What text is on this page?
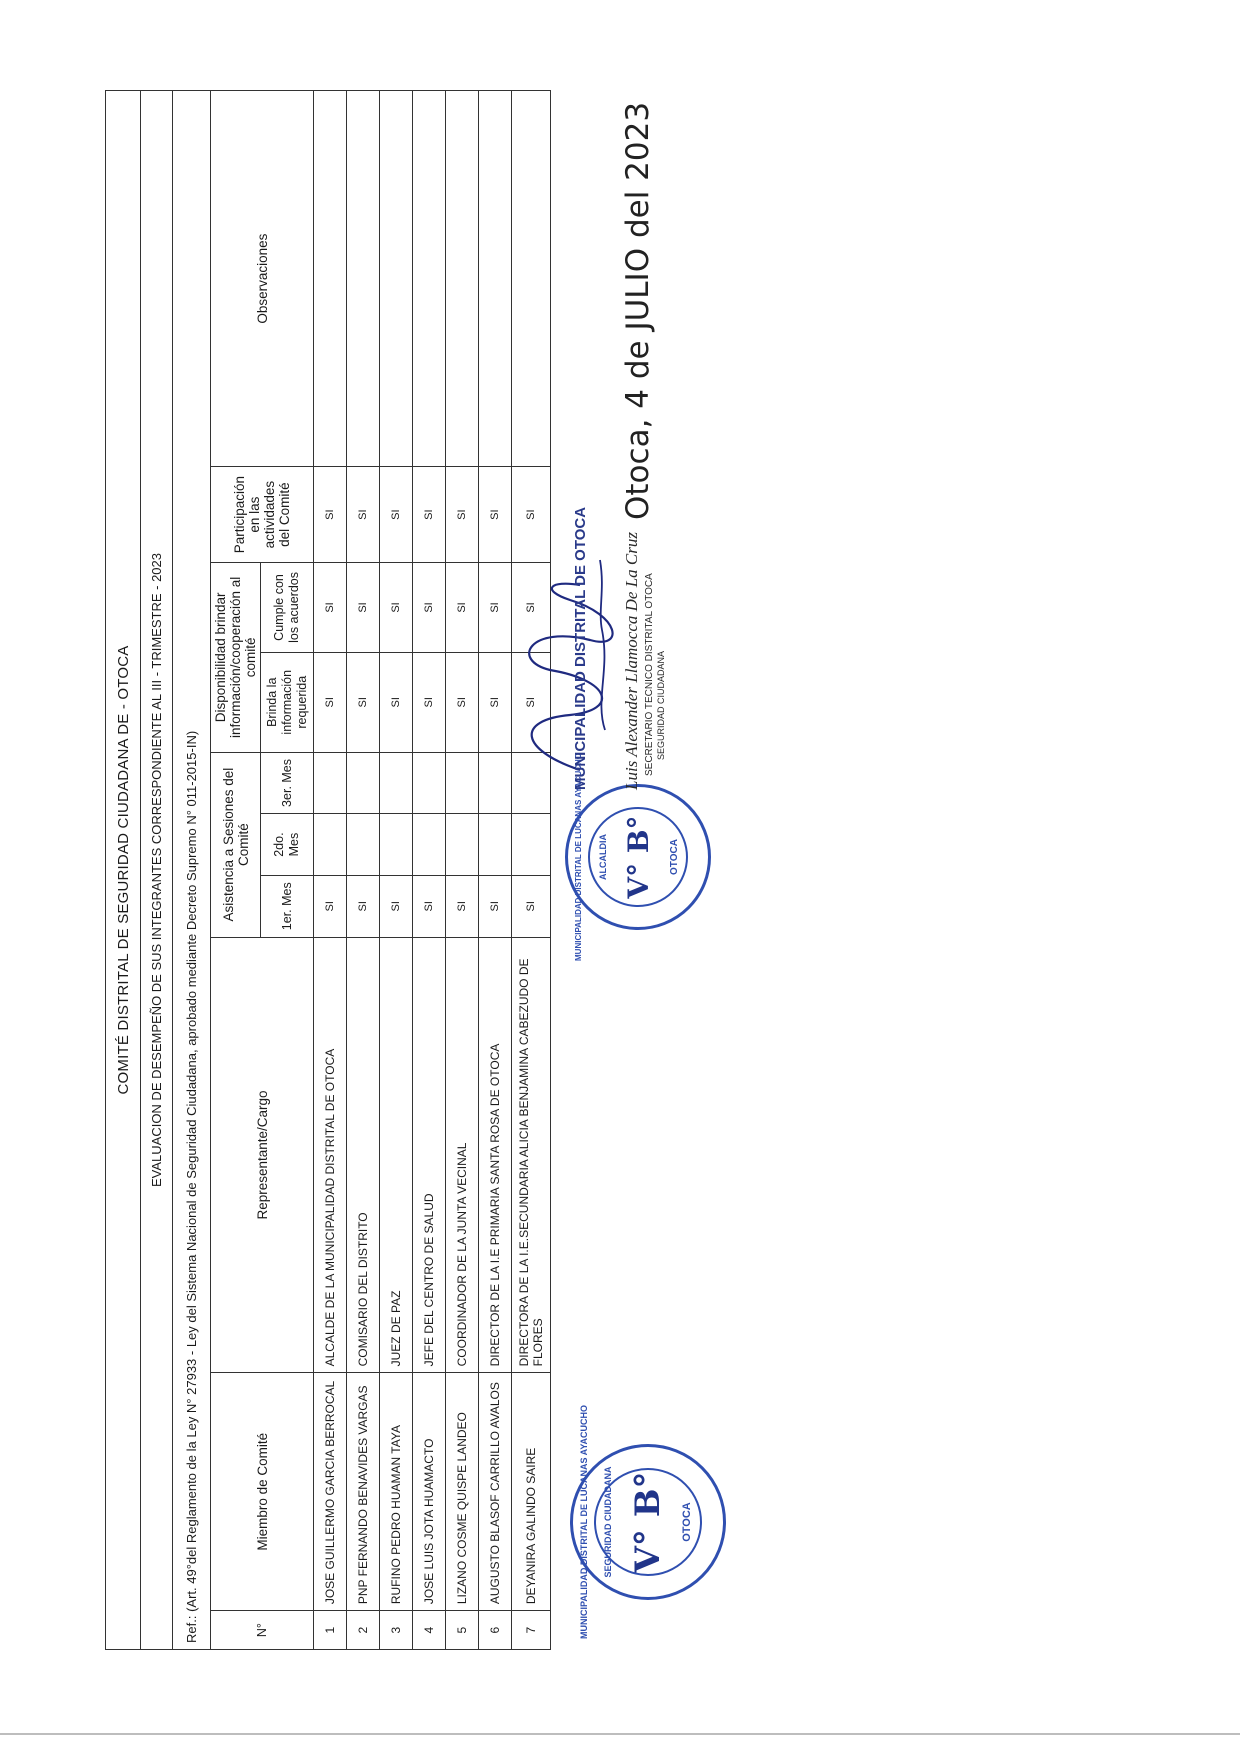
COMITÉ DISTRITAL DE SEGURIDAD CIUDADANA DE - OTOCA									
EVALUACION DE DESEMPEÑO DE SUS INTEGRANTES CORRESPONDIENTE AL III - TRIMESTRE - 2023									
Ref.: (Art. 49°del Reglamento de la Ley N° 27933 - Ley del Sistema Nacional de Seguridad Ciudadana, aprobado mediante Decreto Supremo N° 011-2015-IN)									
N°	Miembro de Comité	Representante/Cargo	Asistencia a Sesiones del Comité			Disponibilidad brindar información/cooperación al comité		Participación en las actividades del Comité	Observaciones
			1er. Mes	2do. Mes	3er. Mes	Brinda la información requerida	Cumple con los acuerdos		
1	JOSE GUILLERMO GARCIA BERROCAL	ALCALDE DE LA MUNICIPALIDAD DISTRITAL DE OTOCA	SI			SI	SI	SI	
2	PNP FERNANDO BENAVIDES VARGAS	COMISARIO DEL DISTRITO	SI			SI	SI	SI	
3	RUFINO PEDRO HUAMAN TAYA	JUEZ DE PAZ	SI			SI	SI	SI	
4	JOSE LUIS JOTA HUAMACTO	JEFE DEL CENTRO DE SALUD	SI			SI	SI	SI	
5	LIZANO COSME QUISPE LANDEO	COORDINADOR DE LA JUNTA VECINAL	SI			SI	SI	SI	
6	AUGUSTO BLASOF CARRILLO AVALOS	DIRECTOR DE LA I.E PRIMARIA SANTA ROSA DE OTOCA	SI			SI	SI	SI	
7	DEYANIRA GALINDO SAIRE	DIRECTORA DE LA I.E.SECUNDARIA ALICIA BENJAMINA CABEZUDO DE FLORES	SI			SI	SI	SI		Otoca, 4 de JULIO del 2023
V° B°
MUNICIPALIDAD DISTRITAL DE LUCANAS AYACUCHO SEGURIDAD CIUDADANA	OTOCA
V° B°
MUNICIPALIDAD DISTRITAL DE LUCANAS AYACUCHO ALCALDIA	OTOCA
MUNICIPALIDAD DISTRITAL DE OTOCA Luis Alexander Llamocca De La Cruz SECRETARIO TECNICO DISTRITAL OTOCA SEGURIDAD CIUDADANA
